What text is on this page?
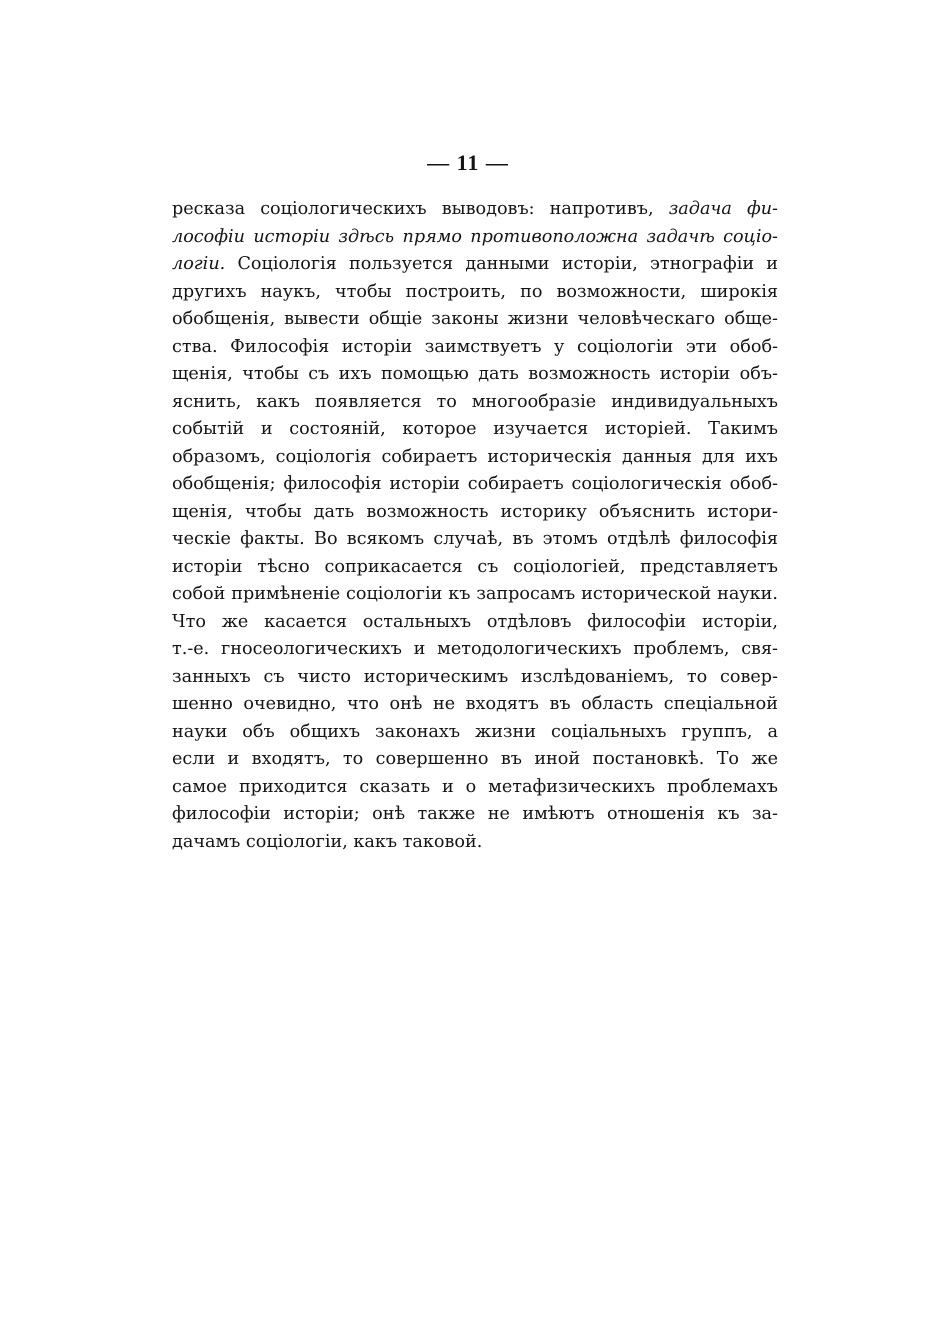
— 11 —
ресказа соціологическихъ выводовъ: напротивъ, задача фи-
лософіи исторіи здѣсь прямо противоположна задачѣ соціо-
логіи. Соціологія пользуется данными исторіи, этнографіи и
другихъ наукъ, чтобы построить, по возможности, широкія
обобщенія, вывести общіе законы жизни человѣческаго обще-
ства. Философія исторіи заимствуетъ у соціологіи эти обоб-
щенія, чтобы съ ихъ помощью дать возможность исторіи объ-
яснить, какъ появляется то многообразіе индивидуальныхъ
событій и состояній, которое изучается исторіей. Такимъ
образомъ, соціологія собираетъ историческія данныя для ихъ
обобщенія; философія исторіи собираетъ соціологическія обоб-
щенія, чтобы дать возможность историку объяснить истори-
ческіе факты. Во всякомъ случаѣ, въ этомъ отдѣлѣ философія
исторіи тѣсно соприкасается съ соціологіей, представляетъ
собой примѣненіе соціологіи къ запросамъ исторической науки.
Что же касается остальныхъ отдѣловъ философіи исторіи,
т.-е. гносеологическихъ и методологическихъ проблемъ, свя-
занныхъ съ чисто историческимъ изслѣдованіемъ, то совер-
шенно очевидно, что онѣ не входятъ въ область спеціальной
науки объ общихъ законахъ жизни соціальныхъ группъ, а
если и входятъ, то совершенно въ иной постановкѣ. То же
самое приходится сказать и о метафизическихъ проблемахъ
философіи исторіи; онѣ также не имѣютъ отношенія къ за-
дачамъ соціологіи, какъ таковой.
